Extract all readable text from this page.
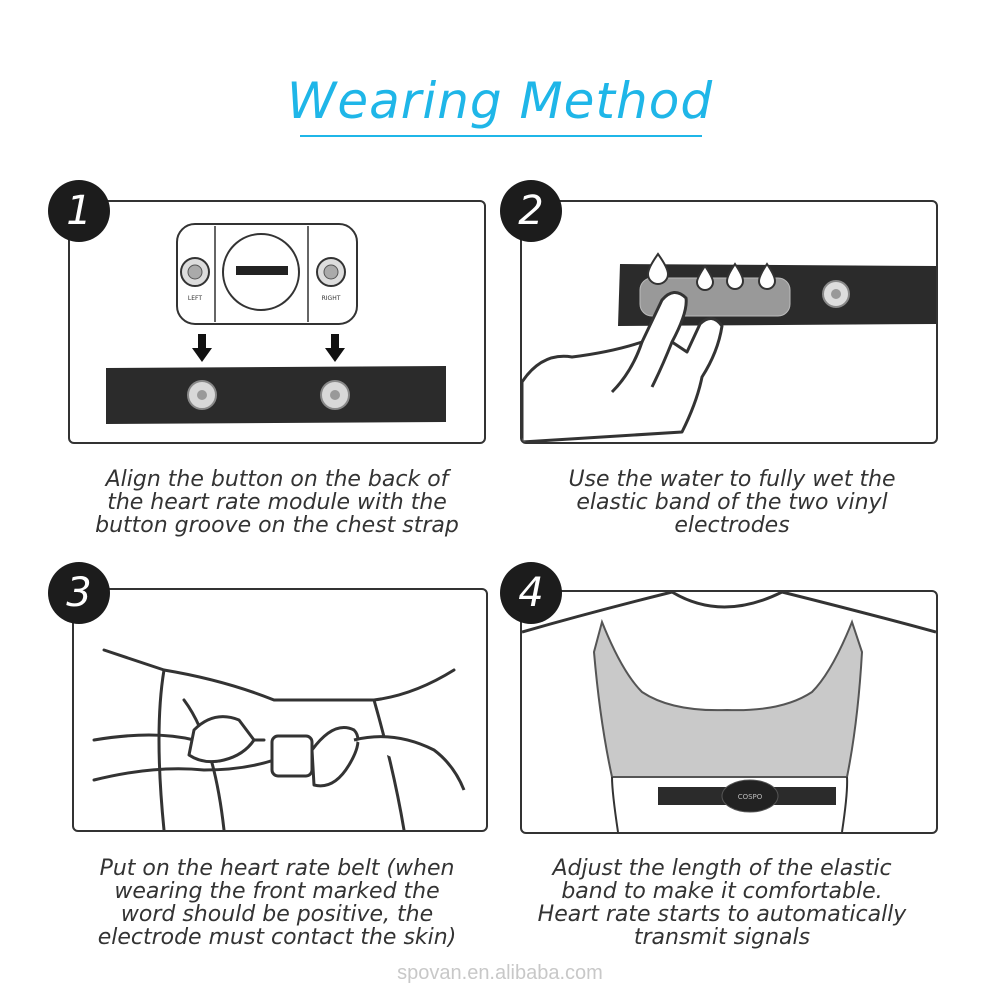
Wearing Method
LEFT	RIGHT
1
Align the button on the back of
the heart rate module with the
button groove on the chest strap
2
Use the water to fully wet the
elastic band of the two vinyl
electrodes
3
Put on the heart rate belt (when
wearing the front marked the
word should be positive, the
electrode must contact the skin)
COSPO
4
Adjust the length of the elastic
band to make it comfortable.
Heart rate starts to automatically
transmit signals
spovan.en.alibaba.com
